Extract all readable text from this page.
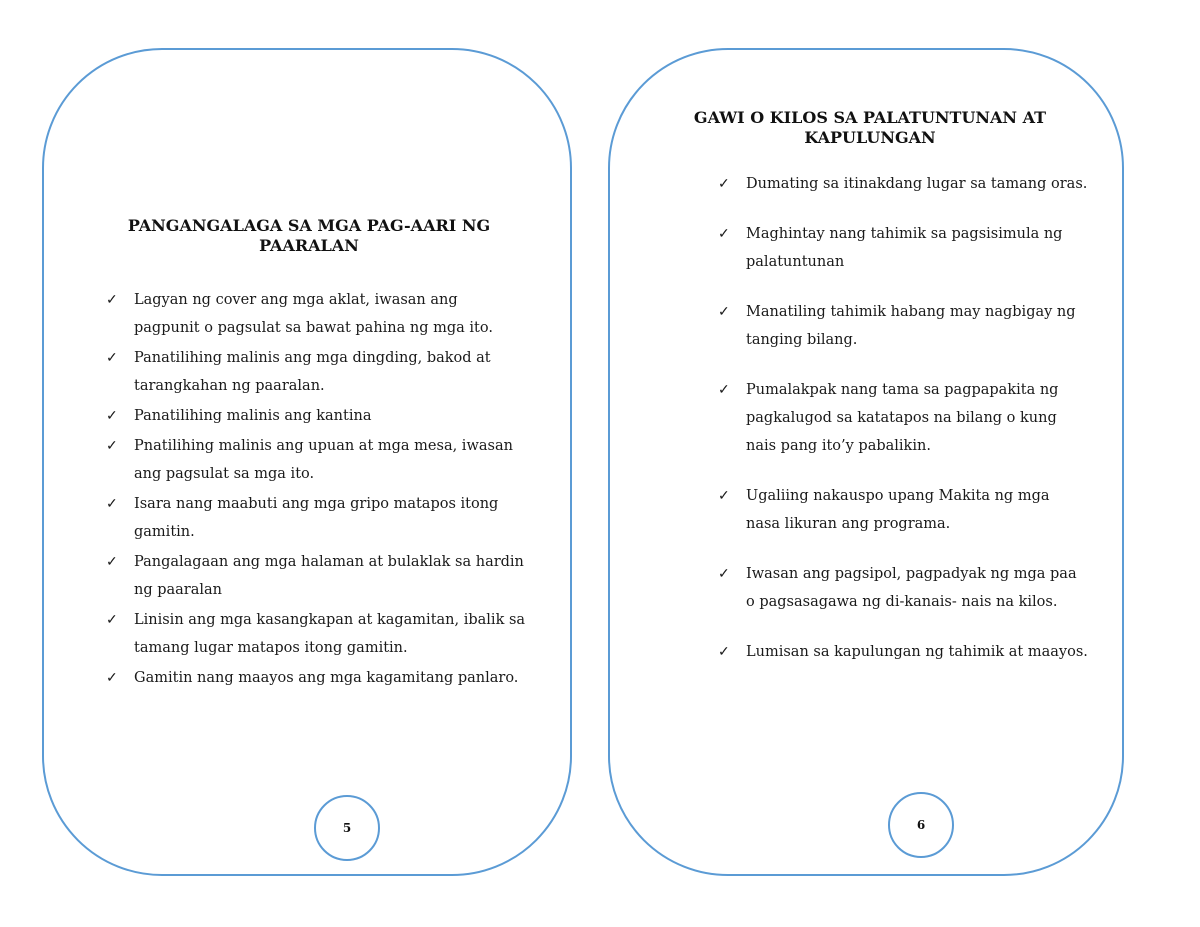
PANGANGALAGA SA MGA PAG-AARI NG PAARALAN
✓ Lagyan ng cover ang mga aklat, iwasan ang pagpunit o pagsulat sa bawat pahina ng mga ito.
✓ Panatilihing malinis ang mga dingding, bakod at tarangkahan ng paaralan.
✓ Panatilihing malinis ang kantina
✓ Pnatilihing malinis ang upuan at mga mesa, iwasan ang pagsulat sa mga ito.
✓ Isara nang maabuti ang mga gripo matapos itong gamitin.
✓ Pangalagaan ang mga halaman at bulaklak sa hardin ng paaralan
✓ Linisin ang mga kasangkapan at kagamitan, ibalik sa tamang lugar matapos itong gamitin.
✓ Gamitin nang maayos ang mga kagamitang panlaro.
5
GAWI O KILOS SA PALATUNTUNAN AT KAPULUNGAN
✓ Dumating sa itinakdang lugar sa tamang oras.
✓ Maghintay nang tahimik sa pagsisimula ng palatuntunan
✓ Manatiling tahimik habang may nagbigay ng tanging bilang.
✓ Pumalakpak nang tama sa pagpapakita ng pagkalugod sa katatapos na bilang o kung nais pang ito’y pabalikin.
✓ Ugaliing nakauspo upang Makita ng mga nasa likuran ang programa.
✓ Iwasan ang pagsipol, pagpadyak ng mga paa o pagsasagawa ng di-kanais- nais na kilos.
✓ Lumisan sa kapulungan ng tahimik at maayos.
6
